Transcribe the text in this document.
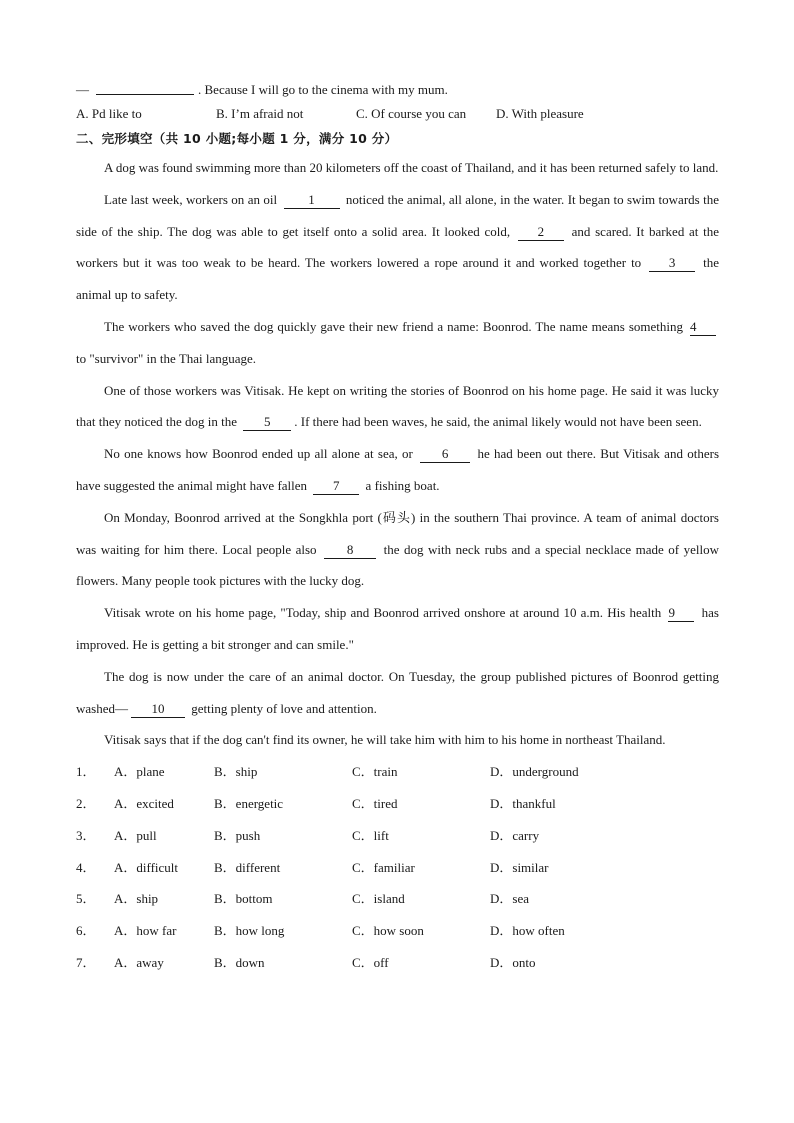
—	. Because I will go to the cinema with my mum.
A. Pd like to	B. I’m afraid not	C. Of course you can	D. With pleasure
二、完形填空（共 10 小题;每小题 1 分，满分 10 分）

A dog was found swimming more than 20 kilometers off the coast of Thailand, and it has been returned safely to land.

Late last week, workers on an oil 1 noticed the animal, all alone, in the water. It began to swim towards the side of the ship. The dog was able to get itself onto a solid area. It looked cold, 2 and scared. It barked at the workers but it was too weak to be heard. The workers lowered a rope around it and worked together to 3 the animal up to safety.

The workers who saved the dog quickly gave their new friend a name: Boonrod. The name means something 4 to "survivor" in the Thai language.

One of those workers was Vitisak. He kept on writing the stories of Boonrod on his home page. He said it was lucky that they noticed the dog in the 5 . If there had been waves, he said, the animal likely would not have been seen.

No one knows how Boonrod ended up all alone at sea, or 6 he had been out there. But Vitisak and others have suggested the animal might have fallen 7 a fishing boat.

On Monday, Boonrod arrived at the Songkhla port (码头) in the southern Thai province. A team of animal doctors was waiting for him there. Local people also 8 the dog with neck rubs and a special necklace made of yellow flowers. Many people took pictures with the lucky dog.

Vitisak wrote on his home page, "Today, ship and Boonrod arrived onshore at around 10 a.m. His health 9 has improved. He is getting a bit stronger and can smile."

The dog is now under the care of an animal doctor. On Tuesday, the group published pictures of Boonrod getting washed— 10 getting plenty of love and attention.

Vitisak says that if the dog can't find its owner, he will take him with him to his home in northeast Thailand.

1．	A．plane	B．ship	C．train	D．underground
2．	A．excited	B．energetic	C．tired	D．thankful
3．	A．pull	B．push	C．lift	D．carry
4．	A．difficult	B．different	C．familiar	D．similar
5．	A．ship	B．bottom	C．island	D．sea
6．	A．how far	B．how long	C．how soon	D．how often
7．	A．away	B．down	C．off	D．onto
